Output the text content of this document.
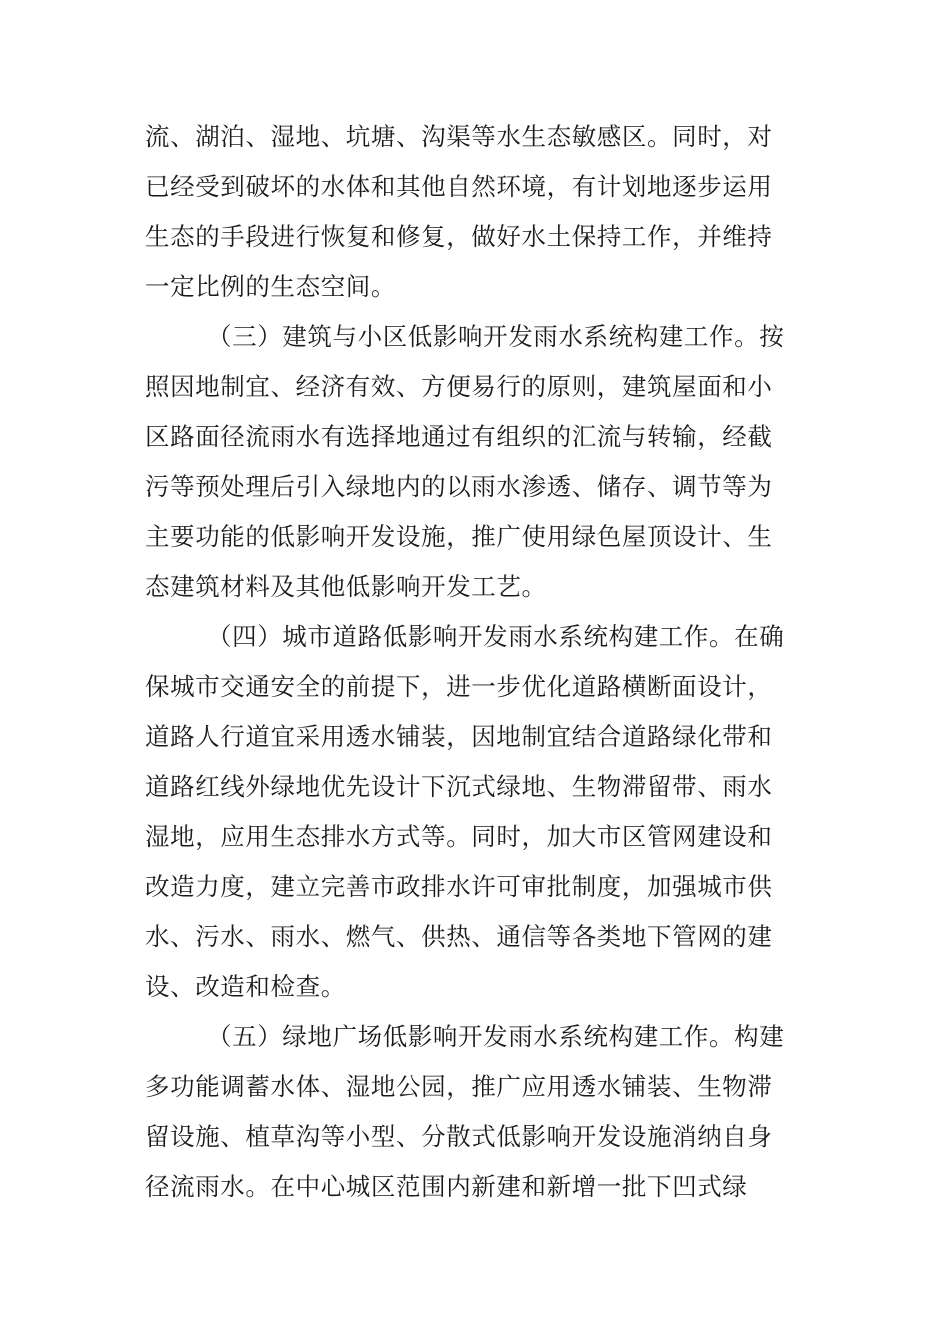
流、湖泊、湿地、坑塘、沟渠等水生态敏感区。同时，对
已经受到破坏的水体和其他自然环境，有计划地逐步运用
生态的手段进行恢复和修复，做好水土保持工作，并维持
一定比例的生态空间。
（三）建筑与小区低影响开发雨水系统构建工作。按
照因地制宜、经济有效、方便易行的原则，建筑屋面和小
区路面径流雨水有选择地通过有组织的汇流与转输，经截
污等预处理后引入绿地内的以雨水渗透、储存、调节等为
主要功能的低影响开发设施，推广使用绿色屋顶设计、生
态建筑材料及其他低影响开发工艺。
（四）城市道路低影响开发雨水系统构建工作。在确
保城市交通安全的前提下，进一步优化道路横断面设计，
道路人行道宜采用透水铺装，因地制宜结合道路绿化带和
道路红线外绿地优先设计下沉式绿地、生物滞留带、雨水
湿地，应用生态排水方式等。同时，加大市区管网建设和
改造力度，建立完善市政排水许可审批制度，加强城市供
水、污水、雨水、燃气、供热、通信等各类地下管网的建
设、改造和检查。
（五）绿地广场低影响开发雨水系统构建工作。构建
多功能调蓄水体、湿地公园，推广应用透水铺装、生物滞
留设施、植草沟等小型、分散式低影响开发设施消纳自身
径流雨水。在中心城区范围内新建和新增一批下凹式绿
